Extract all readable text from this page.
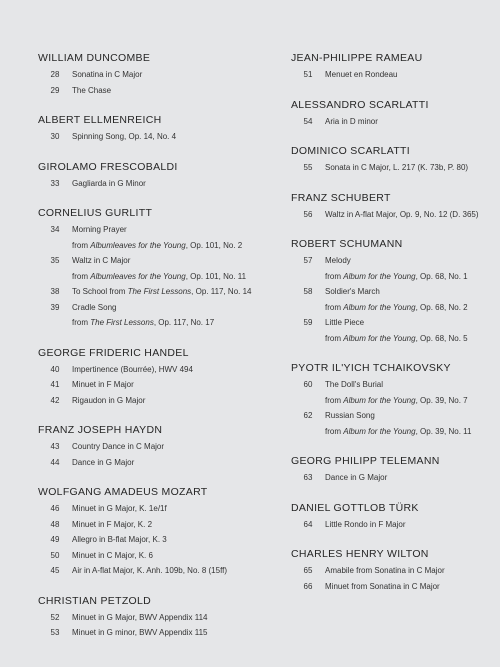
WILLIAM DUNCOMBE
28	Sonatina in C Major
29	The Chase
ALBERT ELLMENREICH
30	Spinning Song, Op. 14, No. 4
GIROLAMO FRESCOBALDI
33	Gagliarda in G Minor
CORNELIUS GURLITT
34	Morning Prayer
from Albumleaves for the Young, Op. 101, No. 2
35	Waltz in C Major
from Albumleaves for the Young, Op. 101, No. 11
38	To School from The First Lessons, Op. 117, No. 14
39	Cradle Song
from The First Lessons, Op. 117, No. 17
GEORGE FRIDERIC HANDEL
40	Impertinence (Bourrée), HWV 494
41	Minuet in F Major
42	Rigaudon in G Major
FRANZ JOSEPH HAYDN
43	Country Dance in C Major
44	Dance in G Major
WOLFGANG AMADEUS MOZART
46	Minuet in G Major, K. 1e/1f
48	Minuet in F Major, K. 2
49	Allegro in B-flat Major, K. 3
50	Minuet in C Major, K. 6
45	Air in A-flat Major, K. Anh. 109b, No. 8 (15ff)
CHRISTIAN PETZOLD
52	Minuet in G Major, BWV Appendix 114
53	Minuet in G minor, BWV Appendix 115
JEAN-PHILIPPE RAMEAU
51	Menuet en Rondeau
ALESSANDRO SCARLATTI
54	Aria in D minor
DOMINICO SCARLATTI
55	Sonata in C Major, L. 217 (K. 73b, P. 80)
FRANZ SCHUBERT
56	Waltz in A-flat Major, Op. 9, No. 12 (D. 365)
ROBERT SCHUMANN
57	Melody
from Album for the Young, Op. 68, No. 1
58	Soldier's March
from Album for the Young, Op. 68, No. 2
59	Little Piece
from Album for the Young, Op. 68, No. 5
PYOTR IL'YICH TCHAIKOVSKY
60	The Doll's Burial
from Album for the Young, Op. 39, No. 7
62	Russian Song
from Album for the Young, Op. 39, No. 11
GEORG PHILIPP TELEMANN
63	Dance in G Major
DANIEL GOTTLOB TÜRK
64	Little Rondo in F Major
CHARLES HENRY WILTON
65	Amabile from Sonatina in C Major
66	Minuet from Sonatina in C Major
